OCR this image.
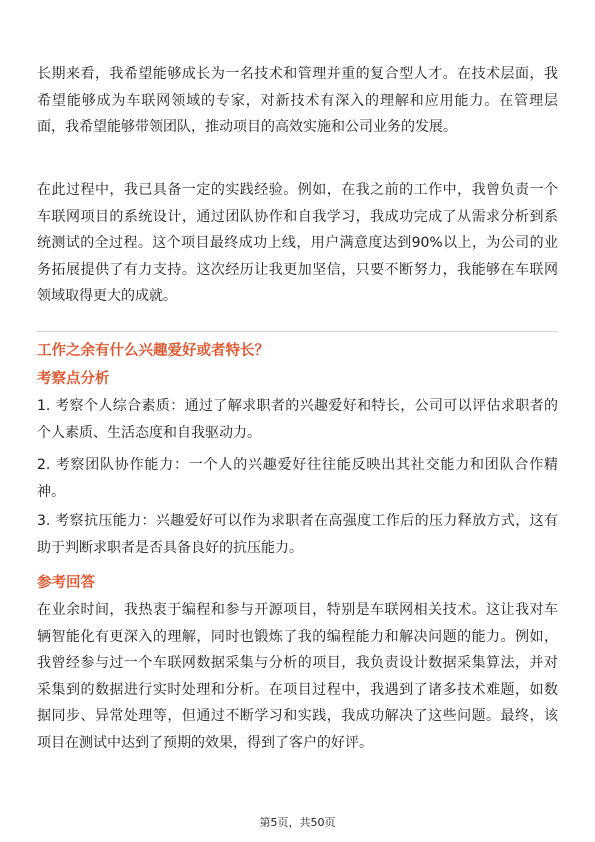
长期来看，我希望能够成长为一名技术和管理并重的复合型人才。在技术层面，我
希望能够成为车联网领域的专家，对新技术有深入的理解和应用能力。在管理层
面，我希望能够带领团队，推动项目的高效实施和公司业务的发展。
在此过程中，我已具备一定的实践经验。例如，在我之前的工作中，我曾负责一个
车联网项目的系统设计，通过团队协作和自我学习，我成功完成了从需求分析到系
统测试的全过程。这个项目最终成功上线，用户满意度达到90%以上，为公司的业
务拓展提供了有力支持。这次经历让我更加坚信，只要不断努力，我能够在车联网
领域取得更大的成就。
工作之余有什么兴趣爱好或者特长？
考察点分析
1. 考察个人综合素质：通过了解求职者的兴趣爱好和特长，公司可以评估求职者的
个人素质、生活态度和自我驱动力。
2. 考察团队协作能力：一个人的兴趣爱好往往能反映出其社交能力和团队合作精
神。
3. 考察抗压能力：兴趣爱好可以作为求职者在高强度工作后的压力释放方式，这有
助于判断求职者是否具备良好的抗压能力。
参考回答
在业余时间，我热衷于编程和参与开源项目，特别是车联网相关技术。这让我对车
辆智能化有更深入的理解，同时也锻炼了我的编程能力和解决问题的能力。例如，
我曾经参与过一个车联网数据采集与分析的项目，我负责设计数据采集算法，并对
采集到的数据进行实时处理和分析。在项目过程中，我遇到了诸多技术难题，如数
据同步、异常处理等，但通过不断学习和实践，我成功解决了这些问题。最终，该
项目在测试中达到了预期的效果，得到了客户的好评。
第5页，共50页
